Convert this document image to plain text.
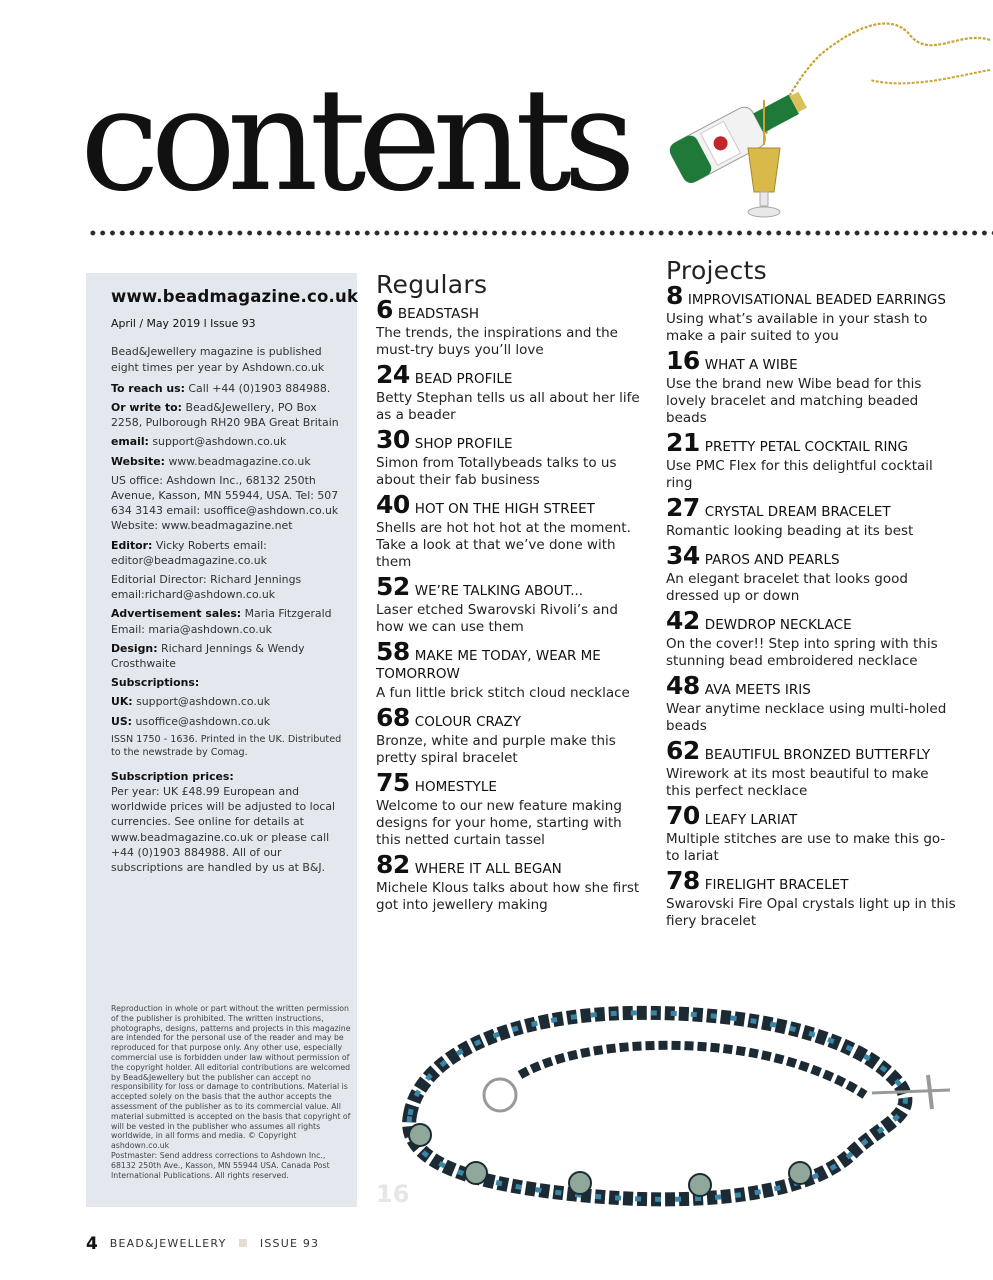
contents
www.beadmagazine.co.uk

April / May 2019 l Issue 93

Bead&Jewellery magazine is published eight times per year by Ashdown.co.uk

To reach us: Call +44 (0)1903 884988.

Or write to: Bead&Jewellery, PO Box 2258, Pulborough RH20 9BA Great Britain

email: support@ashdown.co.uk

Website: www.beadmagazine.co.uk

US office: Ashdown Inc., 68132 250th Avenue, Kasson, MN 55944, USA. Tel: 507 634 3143 email: usoffice@ashdown.co.uk Website: www.beadmagazine.net

Editor: Vicky Roberts email: editor@beadmagazine.co.uk

Editorial Director: Richard Jennings email:richard@ashdown.co.uk

Advertisement sales: Maria Fitzgerald Email: maria@ashdown.co.uk

Design: Richard Jennings & Wendy Crosthwaite

Subscriptions:

UK: support@ashdown.co.uk

US: usoffice@ashdown.co.uk

ISSN 1750 - 1636. Printed in the UK. Distributed to the newstrade by Comag.

Subscription prices:

Per year: UK £48.99 European and worldwide prices will be adjusted to local currencies. See online for details at www.beadmagazine.co.uk or please call +44 (0)1903 884988. All of our subscriptions are handled by us at B&J.

Reproduction in whole or part without the written permission of the publisher is prohibited. The written instructions, photographs, designs, patterns and projects in this magazine are intended for the personal use of the reader and may be reproduced for that purpose only. Any other use, especially commercial use is forbidden under law without permission of the copyright holder. All editorial contributions are welcomed by Bead&Jewellery but the publisher can accept no responsibility for loss or damage to contributions. Material is accepted solely on the basis that the author accepts the assessment of the publisher as to its commercial value. All material submitted is accepted on the basis that copyright of will be vested in the publisher who assumes all rights worldwide, in all forms and media. © Copyright ashdown.co.uk
Postmaster: Send address corrections to Ashdown Inc., 68132 250th Ave., Kasson, MN 55944 USA. Canada Post International Publications. All rights reserved.
Regulars
6 BEADSTASH
The trends, the inspirations and the must-try buys you’ll love
24 BEAD PROFILE
Betty Stephan tells us all about her life as a beader
30 SHOP PROFILE
Simon from Totallybeads talks to us about their fab business
40 HOT ON THE HIGH STREET
Shells are hot hot hot at the moment. Take a look at that we’ve done with them
52 WE’RE TALKING ABOUT...
Laser etched Swarovski Rivoli’s and how we can use them
58 MAKE ME TODAY, WEAR ME TOMORROW
A fun little brick stitch cloud necklace
68 COLOUR CRAZY
Bronze, white and purple make this pretty spiral bracelet
75 HOMESTYLE
Welcome to our new feature making designs for your home, starting with this netted curtain tassel
82 WHERE IT ALL BEGAN
Michele Klous talks about how she first got into jewellery making
Projects
8 IMPROVISATIONAL BEADED EARRINGS
Using what’s available in your stash to make a pair suited to you
16 WHAT A WIBE
Use the brand new Wibe bead for this lovely bracelet and matching beaded beads
21 PRETTY PETAL COCKTAIL RING
Use PMC Flex for this delightful cocktail ring
27 CRYSTAL DREAM BRACELET
Romantic looking beading at its best
34 PAROS AND PEARLS
An elegant bracelet that looks good dressed up or down
42 DEWDROP NECKLACE
On the cover!! Step into spring with this stunning bead embroidered necklace
48 AVA MEETS IRIS
Wear anytime necklace using multi-holed beads
62 BEAUTIFUL BRONZED BUTTERFLY
Wirework at its most beautiful to make this perfect necklace
70 LEAFY LARIAT
Multiple stitches are use to make this go-to lariat
78 FIRELIGHT BRACELET
Swarovski Fire Opal crystals light up in this fiery bracelet
16
4 BEAD&JEWELLERY	ISSUE 93
